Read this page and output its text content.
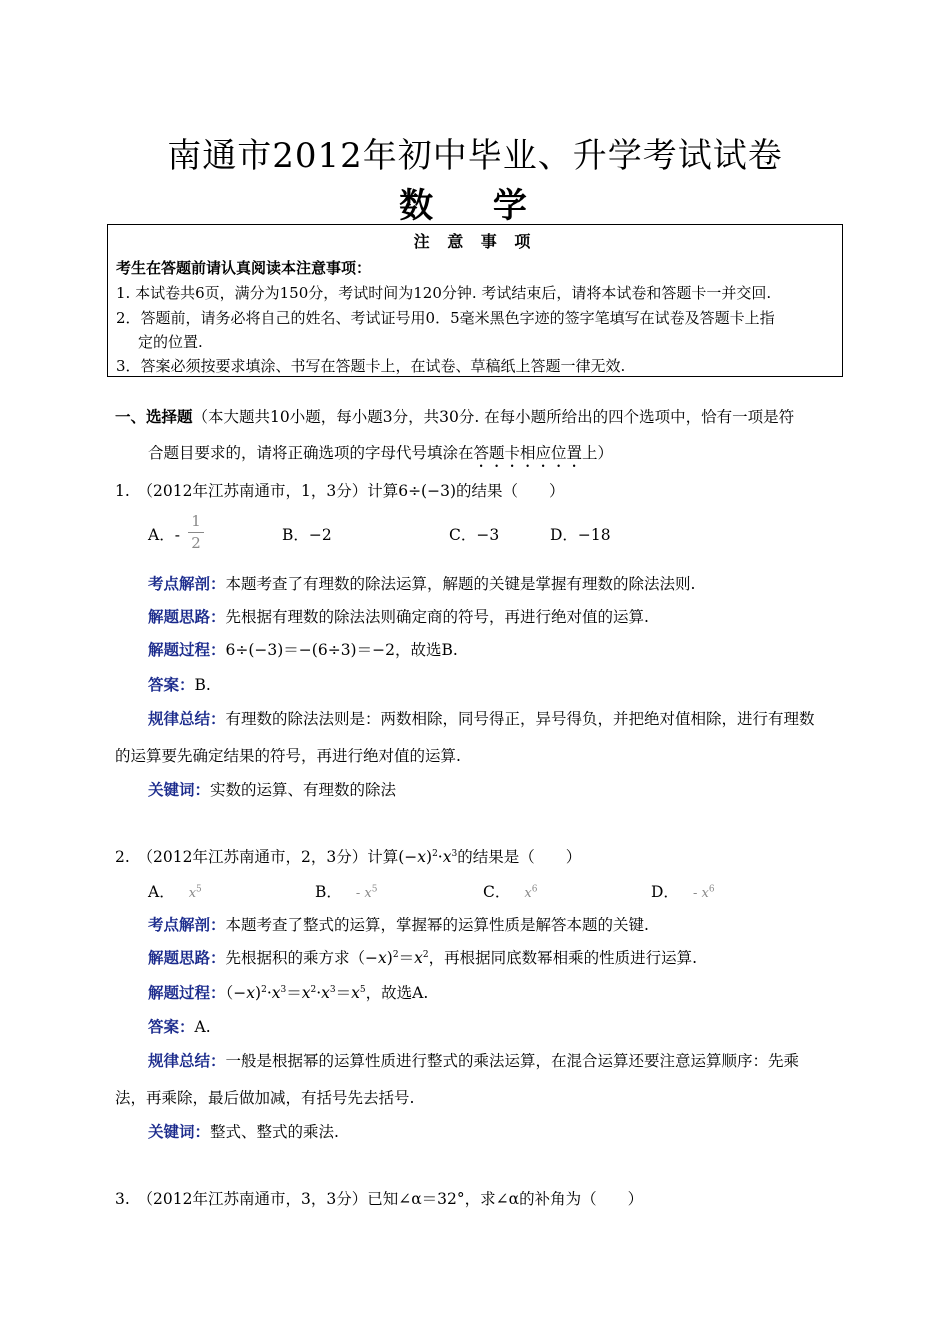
南通市2012年初中毕业、升学考试试卷
数 学
注 意 事 项
考生在答题前请认真阅读本注意事项：
1. 本试卷共6页，满分为150分，考试时间为120分钟. 考试结束后，请将本试卷和答题卡一并交回.
2．答题前，请务必将自己的姓名、考试证号用0．5毫米黑色字迹的签字笔填写在试卷及答题卡上指
定的位置.
3．答案必须按要求填涂、书写在答题卡上，在试卷、草稿纸上答题一律无效.
一、选择题（本大题共10小题，每小题3分，共30分. 在每小题所给出的四个选项中，恰有一项是符
合题目要求的，请将正确选项的字母代号填涂在答题卡相应位置上）
1.　（2012年江苏南通市，1，3分）计算6÷(−3)的结果（　　）
A．-
1
2	B．−2	C．−3	D．−18
考点解剖：本题考查了有理数的除法运算，解题的关键是掌握有理数的除法法则.
解题思路：先根据有理数的除法法则确定商的符号，再进行绝对值的运算.
解题过程：6÷(−3)＝−(6÷3)＝−2，故选B.
答案：B.
规律总结：有理数的除法法则是：两数相除，同号得正，异号得负，并把绝对值相除，进行有理数
的运算要先确定结果的符号，再进行绝对值的运算.
关键词：实数的运算、有理数的除法
2.　（2012年江苏南通市，2，3分）计算$(-x)^2\cdot x^3$的结果是（　　）
A． $x^5$	B． - $x^5$	C． $x^6$	D． - $x^6$
考点解剖：本题考查了整式的运算，掌握幂的运算性质是解答本题的关键.
解题思路：先根据积的乘方求$(-x)^2=x^2$，再根据同底数幂相乘的性质进行运算.
解题过程：$(-x)^2\cdot x^3=x^2\cdot x^3=x^5$，故选A.
答案：A.
规律总结：一般是根据幂的运算性质进行整式的乘法运算，在混合运算还要注意运算顺序：先乘
法，再乘除，最后做加减，有括号先去括号.
关键词：整式、整式的乘法.
3.　（2012年江苏南通市，3，3分）已知∠α＝32°，求∠α的补角为（　　）
